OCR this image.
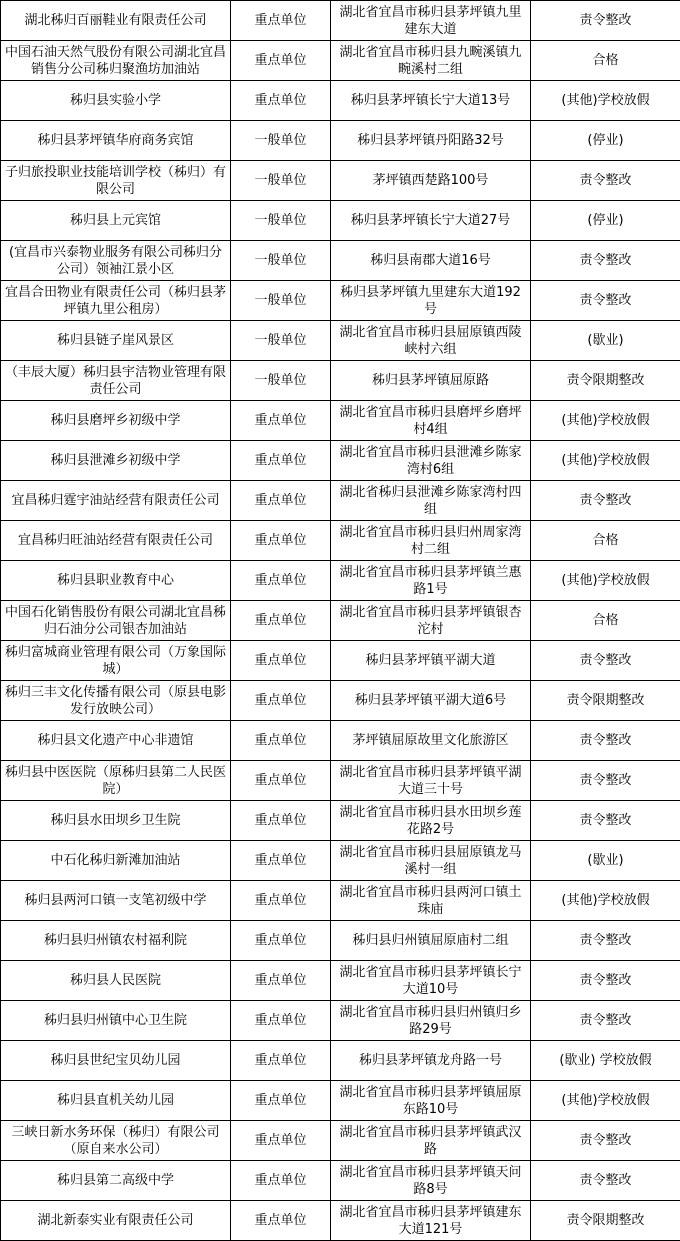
湖北秭归百丽鞋业有限责任公司	重点单位	湖北省宜昌市秭归县茅坪镇九里建东大道	责令整改
中国石油天然气股份有限公司湖北宜昌销售分公司秭归聚渔坊加油站	重点单位	湖北省宜昌市秭归县九畹溪镇九畹溪村二组	合格
秭归县实验小学	重点单位	秭归县茅坪镇长宁大道13号	(其他)学校放假
秭归县茅坪镇华府商务宾馆	一般单位	秭归县茅坪镇丹阳路32号	(停业)
子归旅投职业技能培训学校（秭归）有限公司	一般单位	茅坪镇西楚路100号	责令整改
秭归县上元宾馆	一般单位	秭归县茅坪镇长宁大道27号	(停业)
(宜昌市兴泰物业服务有限公司秭归分公司）领袖江景小区	一般单位	秭归县南郡大道16号	责令整改
宜昌合田物业有限责任公司（秭归县茅坪镇九里公租房）	一般单位	秭归县茅坪镇九里建东大道192号	责令整改
秭归县链子崖风景区	一般单位	湖北省宜昌市秭归县屈原镇西陵峡村六组	(歇业)
（丰辰大厦）秭归县宇洁物业管理有限责任公司	一般单位	秭归县茅坪镇屈原路	责令限期整改
秭归县磨坪乡初级中学	重点单位	湖北省宜昌市秭归县磨坪乡磨坪村4组	(其他)学校放假
秭归县泄滩乡初级中学	重点单位	湖北省宜昌市秭归县泄滩乡陈家湾村6组	(其他)学校放假
宜昌秭归霆宇油站经营有限责任公司	重点单位	湖北省秭归县泄滩乡陈家湾村四组	责令整改
宜昌秭归旺油站经营有限责任公司	重点单位	湖北省宜昌市秭归县归州周家湾村二组	合格
秭归县职业教育中心	重点单位	湖北省宜昌市秭归县茅坪镇兰惠路1号	(其他)学校放假
中国石化销售股份有限公司湖北宜昌秭归石油分公司银杏加油站	重点单位	湖北省宜昌市秭归县茅坪镇银杏沱村	合格
秭归富城商业管理有限公司（万象国际城）	重点单位	秭归县茅坪镇平湖大道	责令整改
秭归三丰文化传播有限公司（原县电影发行放映公司）	重点单位	秭归县茅坪镇平湖大道6号	责令限期整改
秭归县文化遗产中心非遗馆	重点单位	茅坪镇屈原故里文化旅游区	责令整改
秭归县中医医院（原秭归县第二人民医院）	重点单位	湖北省宜昌市秭归县茅坪镇平湖大道三十号	责令整改
秭归县水田坝乡卫生院	重点单位	湖北省宜昌市秭归县水田坝乡莲花路2号	责令整改
中石化秭归新滩加油站	重点单位	湖北省宜昌市秭归县屈原镇龙马溪村一组	(歇业)
秭归县两河口镇一支笔初级中学	重点单位	湖北省宜昌市秭归县两河口镇土珠庙	(其他)学校放假
秭归县归州镇农村福利院	重点单位	秭归县归州镇屈原庙村二组	责令整改
秭归县人民医院	重点单位	湖北省宜昌市秭归县茅坪镇长宁大道10号	责令整改
秭归县归州镇中心卫生院	重点单位	湖北省宜昌市秭归县归州镇归乡路29号	责令整改
秭归县世纪宝贝幼儿园	重点单位	秭归县茅坪镇龙舟路一号	(歇业) 学校放假
秭归县直机关幼儿园	重点单位	湖北省宜昌市秭归县茅坪镇屈原东路10号	(其他)学校放假
三峡日新水务环保（秭归）有限公司（原自来水公司）	重点单位	湖北省宜昌市秭归县茅坪镇武汉路	责令整改
秭归县第二高级中学	重点单位	湖北省宜昌市秭归县茅坪镇天问路8号	责令整改
湖北新泰实业有限责任公司	重点单位	湖北省宜昌市秭归县茅坪镇建东大道121号	责令限期整改
